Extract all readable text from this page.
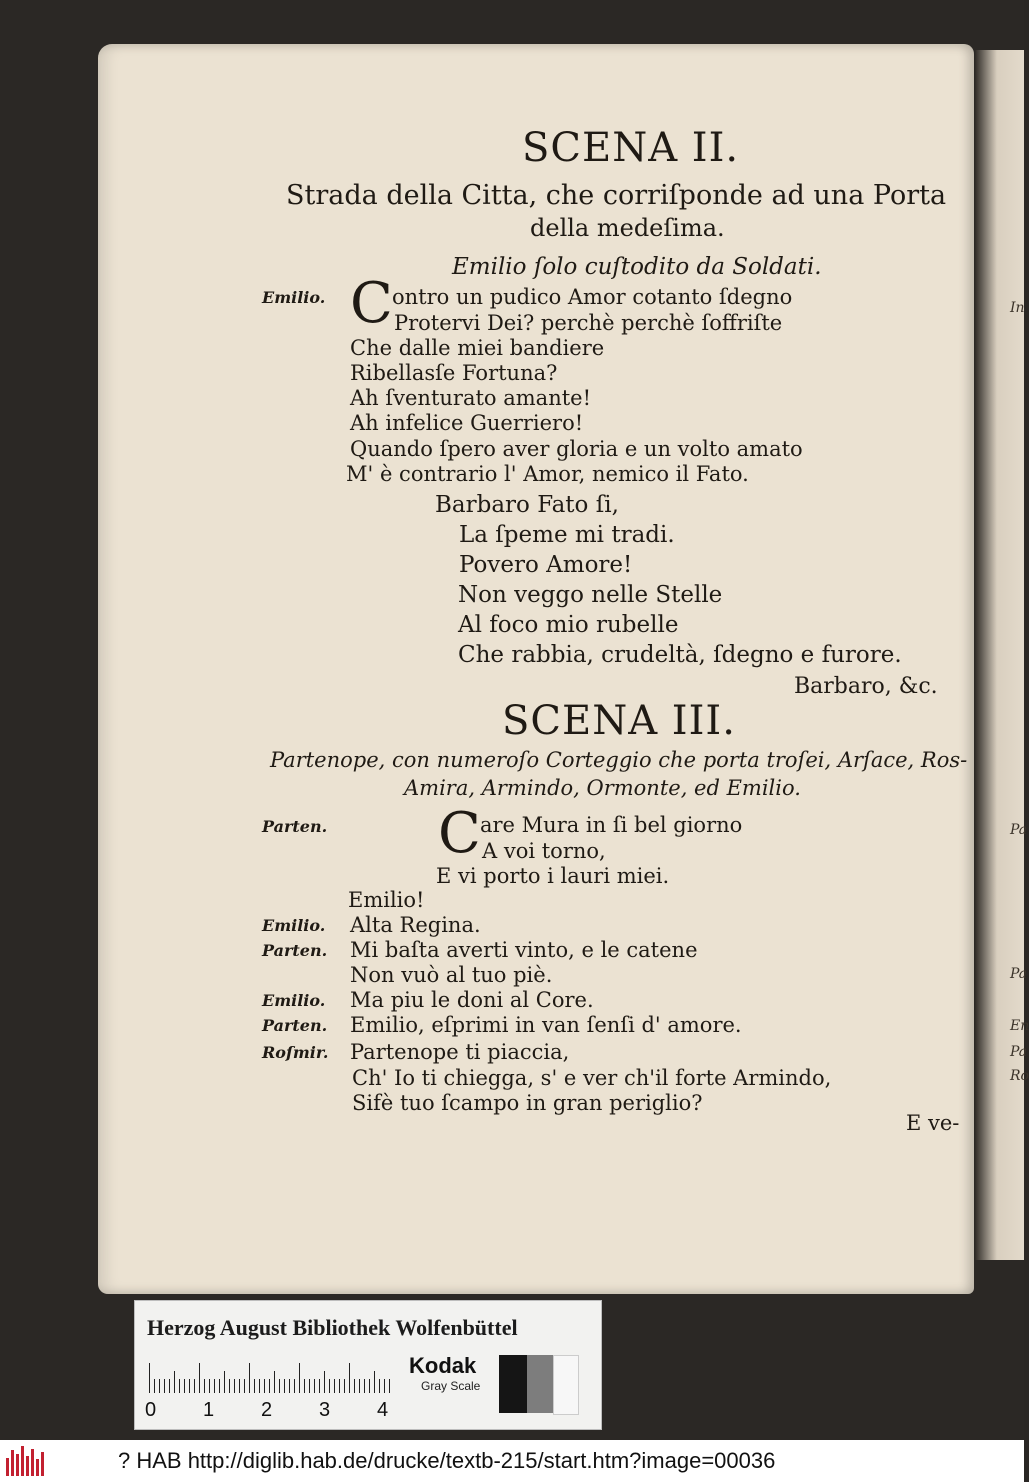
In
Pa
Pa
En
Pa
Ro
SCENA II.
Strada della Citta, che corriſponde ad una Porta
della medeſima.
Emilio ſolo cuſtodito da Soldati.
Emilio. C ontro un pudico Amor cotanto ſdegno
Protervi Dei? perchè perchè ſoffriſte
Che dalle miei bandiere
Ribellasſe Fortuna?
Ah ſventurato amante!
Ah infelice Guerriero!
Quando ſpero aver gloria e un volto amato
M' è contrario l' Amor, nemico il Fato.
Barbaro Fato ſi,
La ſpeme mi tradi.
Povero Amore!
Non veggo nelle Stelle
Al foco mio rubelle
Che rabbia, crudeltà, ſdegno e furore.
Barbaro, &c.
SCENA III.
Partenope, con numeroſo Corteggio che porta troſei, Arſace, Ros-
Amira, Armindo, Ormonte, ed Emilio.
Parten. C are Mura in ſi bel giorno
A voi torno,
E vi porto i lauri miei.
Emilio!
Emilio. Alta Regina.
Parten. Mi baſta averti vinto, e le catene
Non vuò al tuo piè.
Emilio. Ma piu le doni al Core.
Parten. Emilio, eſprimi in van ſenſi d' amore.
Roſmir. Partenope ti piaccia,
Ch' Io ti chiegga, s' e ver ch'il forte Armindo,
Sifè tuo ſcampo in gran periglio?
E ve-
Herzog August Bibliothek Wolfenbüttel
0 1 2 3 4
Kodak
Gray Scale
? HAB http://diglib.hab.de/drucke/textb-215/start.htm?image=00036
